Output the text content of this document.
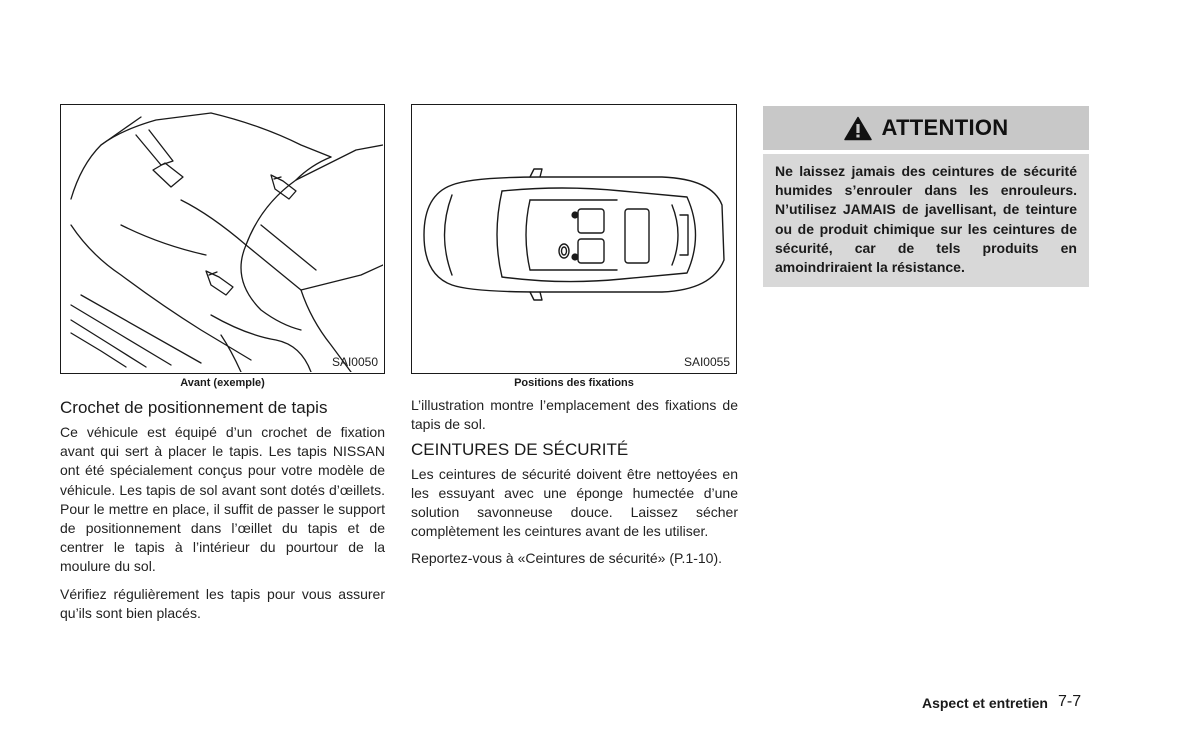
SAI0050
Avant (exemple)
SAI0055
Positions des fixations
Crochet de positionnement de tapis

Ce véhicule est équipé d’un crochet de fixation avant qui sert à placer le tapis. Les tapis NISSAN ont été spécialement conçus pour votre modèle de véhicule. Les tapis de sol avant sont dotés d’œillets. Pour le mettre en place, il suffit de passer le support de positionnement dans l’œillet du tapis et de centrer le tapis à l’intérieur du pourtour de la moulure du sol.

Vérifiez régulièrement les tapis pour vous assurer qu’ils sont bien placés.

L’illustration montre l’emplacement des fixations de tapis de sol.

CEINTURES DE SÉCURITÉ

Les ceintures de sécurité doivent être nettoyées en les essuyant avec une éponge humectée d’une solution savonneuse douce. Laissez sécher complètement les ceintures avant de les utiliser.

Reportez-vous à «Ceintures de sécurité» (P.1-10).

ATTENTION
Ne laissez jamais des ceintures de sécurité humides s’enrouler dans les enrouleurs. N’utilisez JAMAIS de javellisant, de teinture ou de produit chimique sur les ceintures de sécurité, car de tels produits en amoindriraient la résistance.
Aspect et entretien 7-7
